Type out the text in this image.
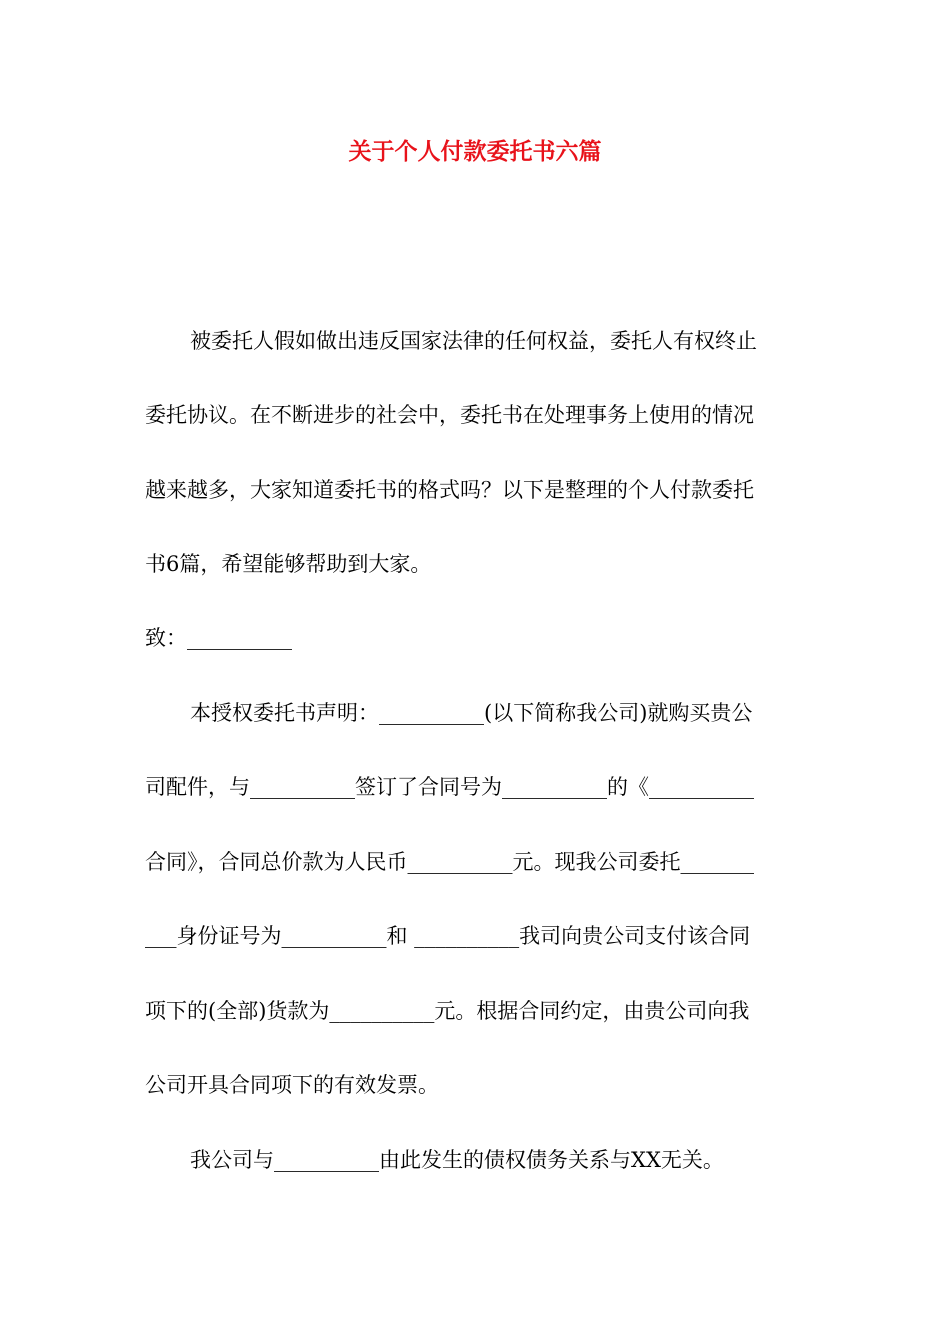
关于个人付款委托书六篇
被委托人假如做出违反国家法律的任何权益，委托人有权终止
委托协议。在不断进步的社会中，委托书在处理事务上使用的情况
越来越多，大家知道委托书的格式吗？以下是整理的个人付款委托
书6篇，希望能够帮助到大家。
致：__________
本授权委托书声明：__________(以下简称我公司)就购买贵公
司配件，与__________签订了合同号为__________的《__________
合同》，合同总价款为人民币__________元。现我公司委托_______
___身份证号为__________和 __________我司向贵公司支付该合同
项下的(全部)货款为__________元。根据合同约定，由贵公司向我
公司开具合同项下的有效发票。
我公司与__________由此发生的债权债务关系与XX无关。
